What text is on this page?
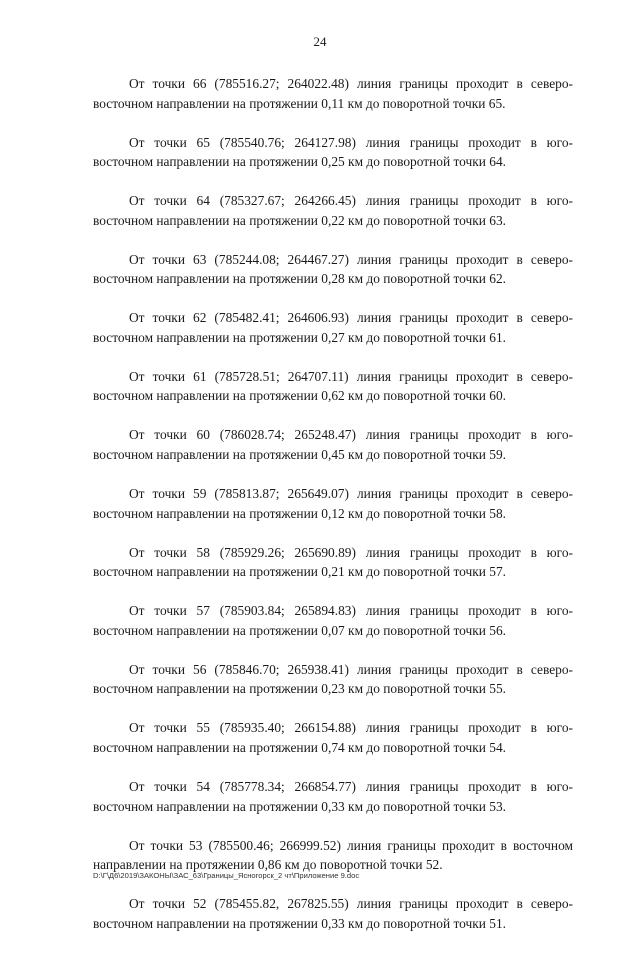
24

От точки 66 (785516.27; 264022.48) линия границы проходит в северо-
восточном направлении на протяжении 0,11 км до поворотной точки 65.

От точки 65 (785540.76; 264127.98) линия границы проходит в юго-
восточном направлении на протяжении 0,25 км до поворотной точки 64.

От точки 64 (785327.67; 264266.45) линия границы проходит в юго-
восточном направлении на протяжении 0,22 км до поворотной точки 63.

От точки 63 (785244.08; 264467.27) линия границы проходит в северо-
восточном направлении на протяжении 0,28 км до поворотной точки 62.

От точки 62 (785482.41; 264606.93) линия границы проходит в северо-
восточном направлении на протяжении 0,27 км до поворотной точки 61.

От точки 61 (785728.51; 264707.11) линия границы проходит в северо-
восточном направлении на протяжении 0,62 км до поворотной точки 60.

От точки 60 (786028.74; 265248.47) линия границы проходит в юго-
восточном направлении на протяжении 0,45 км до поворотной точки 59.

От точки 59 (785813.87; 265649.07) линия границы проходит в северо-
восточном направлении на протяжении 0,12 км до поворотной точки 58.

От точки 58 (785929.26; 265690.89) линия границы проходит в юго-
восточном направлении на протяжении 0,21 км до поворотной точки 57.

От точки 57 (785903.84; 265894.83) линия границы проходит в юго-
восточном направлении на протяжении 0,07 км до поворотной точки 56.

От точки 56 (785846.70; 265938.41) линия границы проходит в северо-
восточном направлении на протяжении 0,23 км до поворотной точки 55.

От точки 55 (785935.40; 266154.88) линия границы проходит в юго-
восточном направлении на протяжении 0,74 км до поворотной точки 54.

От точки 54 (785778.34; 266854.77) линия границы проходит в юго-
восточном направлении на протяжении 0,33 км до поворотной точки 53.

От точки 53 (785500.46; 266999.52) линия границы проходит в восточном
направлении на протяжении 0,86 км до поворотной точки 52.

От точки 52 (785455.82, 267825.55) линия границы проходит в северо-
восточном направлении на протяжении 0,33 км до поворотной точки 51.

D:\Г\Д6\2019\ЗАКОНЫ\ЗАС_63\Границы_Ясногорск_2 чт\Приложение 9.doc
